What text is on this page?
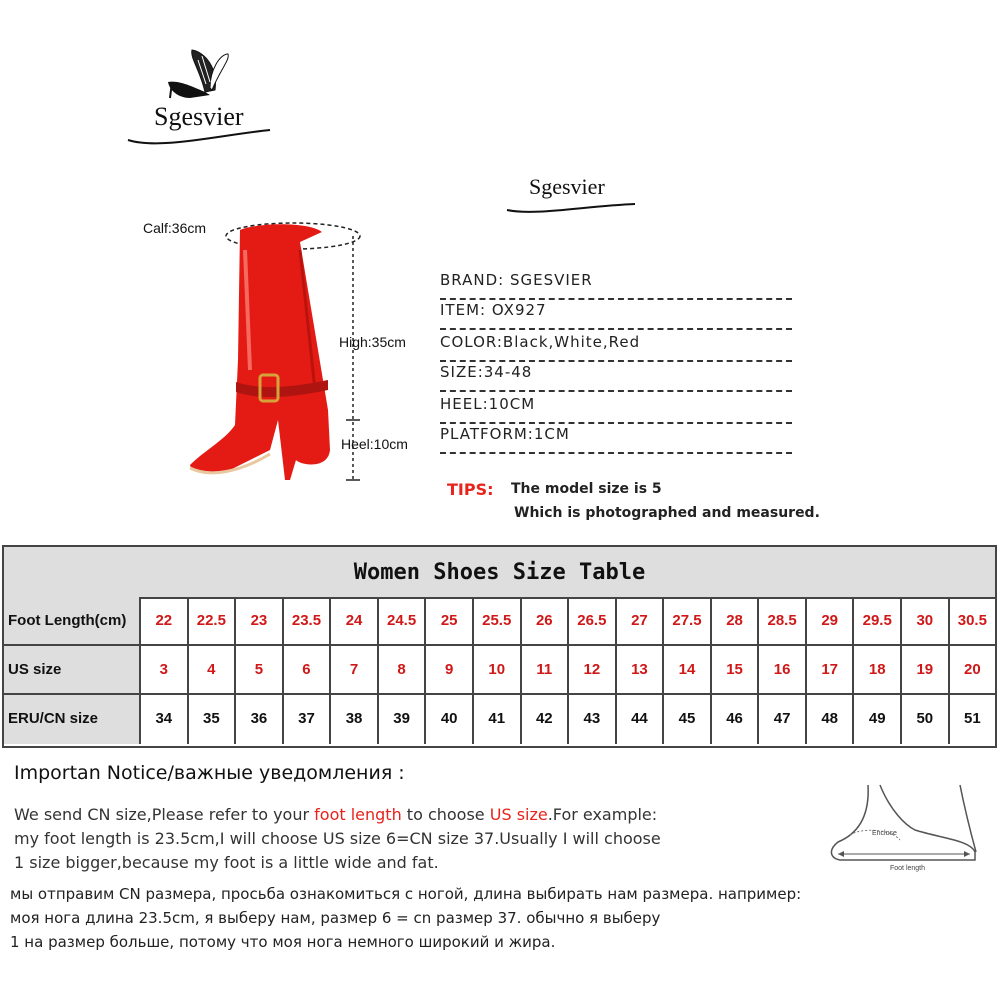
Sgesvier
Sgesvier
Calf:36cm
High:35cm
Heel:10cm
BRAND: SGESVIER
ITEM: OX927
COLOR:Black,White,Red
SIZE:34-48
HEEL:10CM
PLATFORM:1CM
TIPS: The model size is 5
Which is photographed and measured.
Women Shoes Size Table
Foot Length(cm)	22	22.5	23	23.5	24	24.5	25	25.5	26	26.5	27	27.5	28	28.5	29	29.5	30	30.5
US size	3	4	5	6	7	8	9	10	11	12	13	14	15	16	17	18	19	20
ERU/CN size	34	35	36	37	38	39	40	41	42	43	44	45	46	47	48	49	50	51
Importan Notice/важные уведомления :
We send CN size,Please refer to your foot length to choose US size.For example:
my foot length is 23.5cm,I will choose US size 6=CN size 37.Usually I will choose
1 size bigger,because my foot is a little wide and fat.
мы отправим CN размера, просьба ознакомиться с ногой, длина выбирать нам размера. например:
моя нога длина 23.5cm, я выберу нам, размер 6 = cn размер 37. обычно я выберу
1 на размер больше, потому что моя нога немного широкий и жира.
Enclose
Foot length
